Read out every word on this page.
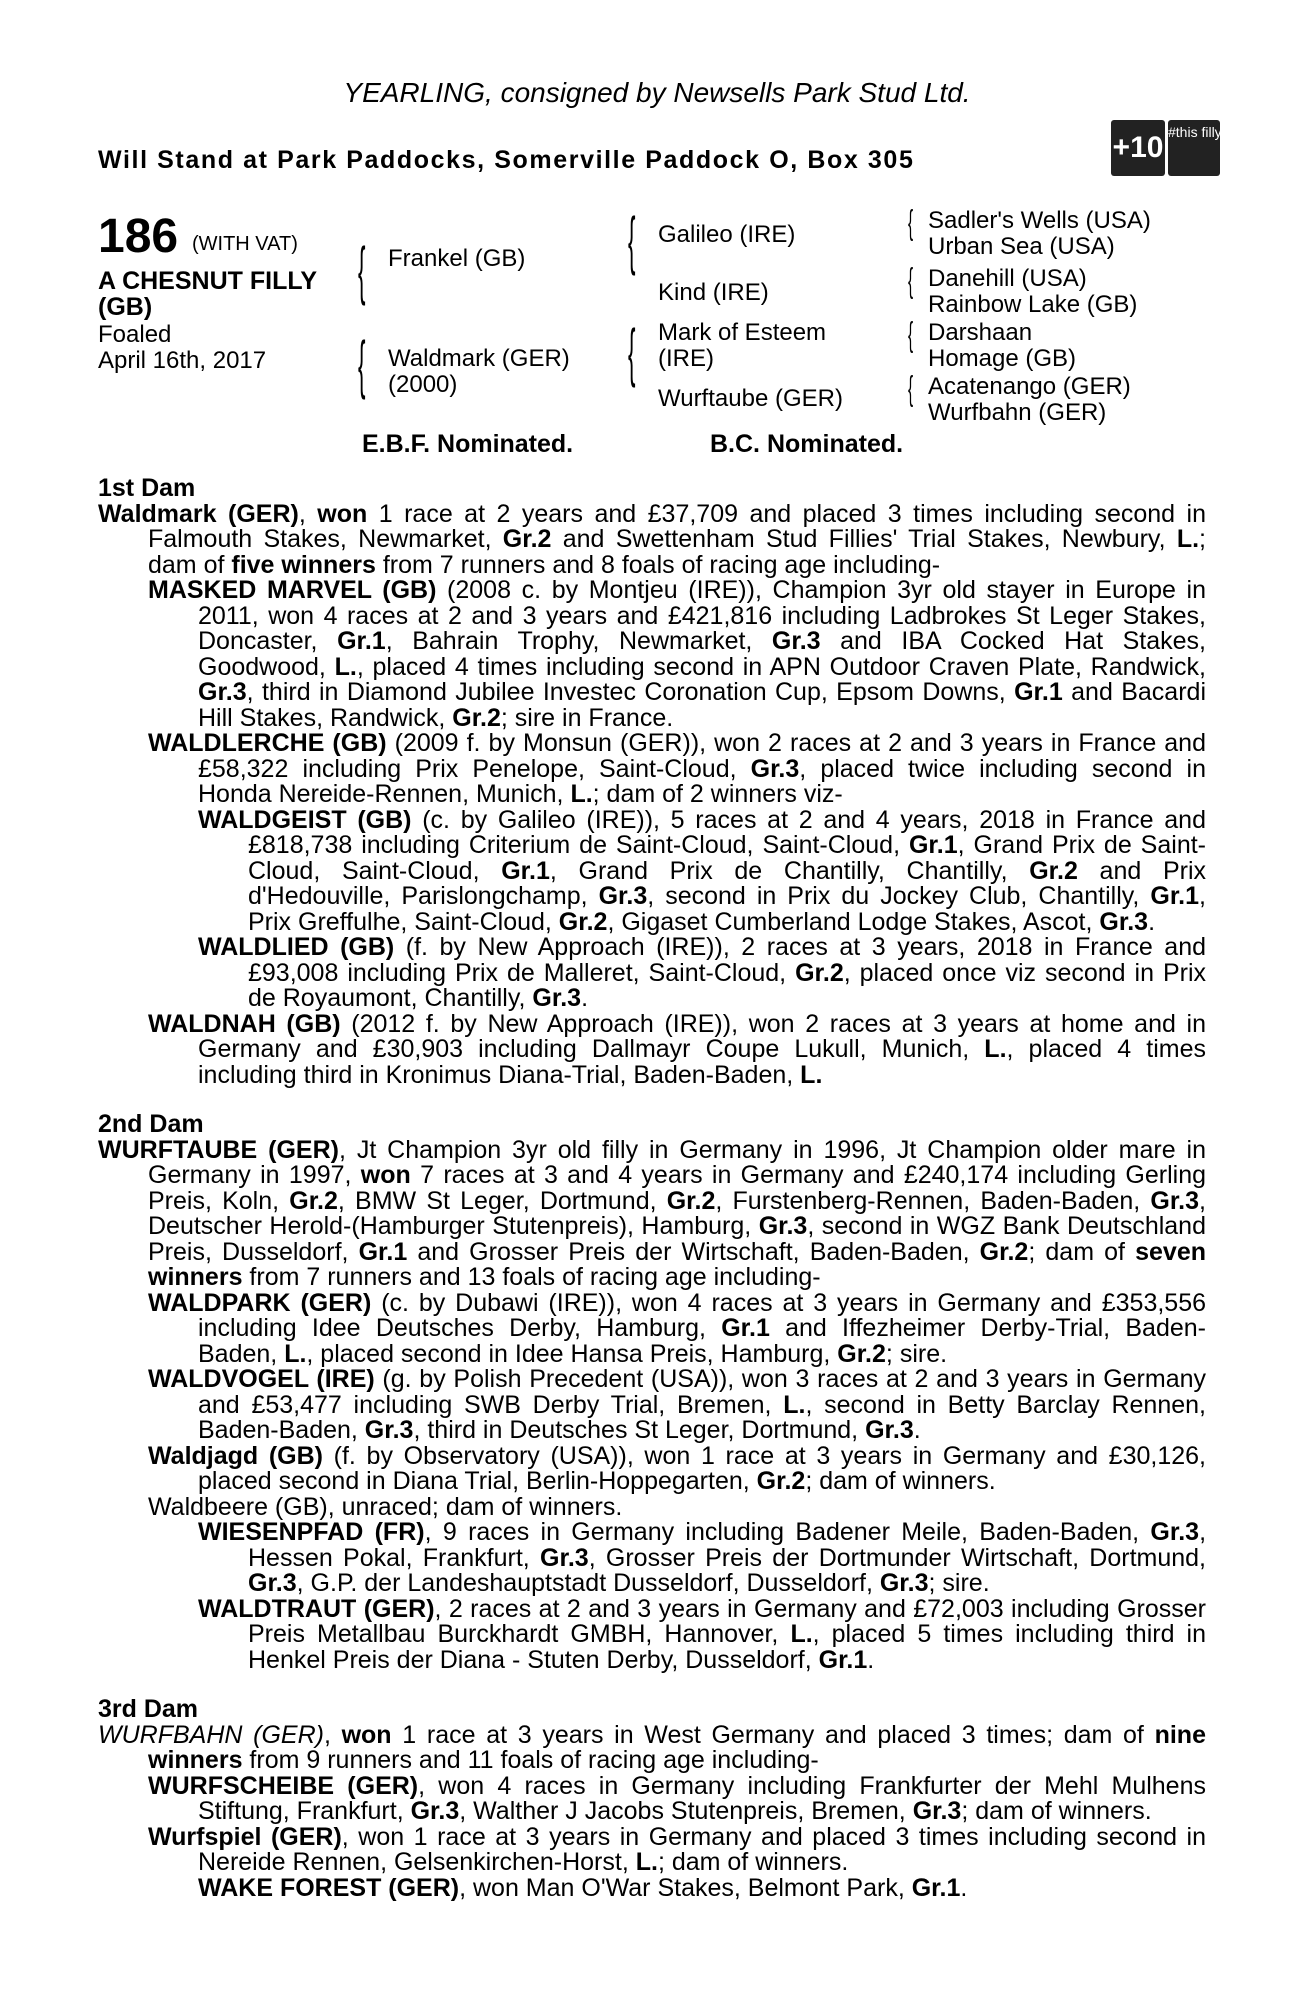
YEARLING, consigned by Newsells Park Stud Ltd.
Will Stand at Park Paddocks, Somerville Paddock O, Box 305	+10 #this filly can
186 (WITH VAT)
A CHESNUT FILLY (GB)
Foaled
April 16th, 2017
{ Frankel (GB)
{ Waldmark (GER) (2000)
{ Galileo (IRE)
Kind (IRE)
{ Mark of Esteem (IRE)
Wurftaube (GER)
{ Sadler's Wells (USA)
Urban Sea (USA)
{ Danehill (USA)
Rainbow Lake (GB)
{ Darshaan
Homage (GB)
{ Acatenango (GER)
Wurfbahn (GER)
E.B.F. Nominated.	B.C. Nominated.
1st Dam

Waldmark (GER), won 1 race at 2 years and £37,709 and placed 3 times including second in Falmouth Stakes, Newmarket, Gr.2 and Swettenham Stud Fillies' Trial Stakes, Newbury, L.; dam of five winners from 7 runners and 8 foals of racing age including-

MASKED MARVEL (GB) (2008 c. by Montjeu (IRE)), Champion 3yr old stayer in Europe in 2011, won 4 races at 2 and 3 years and £421,816 including Ladbrokes St Leger Stakes, Doncaster, Gr.1, Bahrain Trophy, Newmarket, Gr.3 and IBA Cocked Hat Stakes, Goodwood, L., placed 4 times including second in APN Outdoor Craven Plate, Randwick, Gr.3, third in Diamond Jubilee Investec Coronation Cup, Epsom Downs, Gr.1 and Bacardi Hill Stakes, Randwick, Gr.2; sire in France.

WALDLERCHE (GB) (2009 f. by Monsun (GER)), won 2 races at 2 and 3 years in France and £58,322 including Prix Penelope, Saint-Cloud, Gr.3, placed twice including second in Honda Nereide-Rennen, Munich, L.; dam of 2 winners viz-

WALDGEIST (GB) (c. by Galileo (IRE)), 5 races at 2 and 4 years, 2018 in France and £818,738 including Criterium de Saint-Cloud, Saint-Cloud, Gr.1, Grand Prix de Saint-Cloud, Saint-Cloud, Gr.1, Grand Prix de Chantilly, Chantilly, Gr.2 and Prix d'Hedouville, Parislongchamp, Gr.3, second in Prix du Jockey Club, Chantilly, Gr.1, Prix Greffulhe, Saint-Cloud, Gr.2, Gigaset Cumberland Lodge Stakes, Ascot, Gr.3.

WALDLIED (GB) (f. by New Approach (IRE)), 2 races at 3 years, 2018 in France and £93,008 including Prix de Malleret, Saint-Cloud, Gr.2, placed once viz second in Prix de Royaumont, Chantilly, Gr.3.

WALDNAH (GB) (2012 f. by New Approach (IRE)), won 2 races at 3 years at home and in Germany and £30,903 including Dallmayr Coupe Lukull, Munich, L., placed 4 times including third in Kronimus Diana-Trial, Baden-Baden, L.

2nd Dam

WURFTAUBE (GER), Jt Champion 3yr old filly in Germany in 1996, Jt Champion older mare in Germany in 1997, won 7 races at 3 and 4 years in Germany and £240,174 including Gerling Preis, Koln, Gr.2, BMW St Leger, Dortmund, Gr.2, Furstenberg-Rennen, Baden-Baden, Gr.3, Deutscher Herold-(Hamburger Stutenpreis), Hamburg, Gr.3, second in WGZ Bank Deutschland Preis, Dusseldorf, Gr.1 and Grosser Preis der Wirtschaft, Baden-Baden, Gr.2; dam of seven winners from 7 runners and 13 foals of racing age including-

WALDPARK (GER) (c. by Dubawi (IRE)), won 4 races at 3 years in Germany and £353,556 including Idee Deutsches Derby, Hamburg, Gr.1 and Iffezheimer Derby-Trial, Baden-Baden, L., placed second in Idee Hansa Preis, Hamburg, Gr.2; sire.

WALDVOGEL (IRE) (g. by Polish Precedent (USA)), won 3 races at 2 and 3 years in Germany and £53,477 including SWB Derby Trial, Bremen, L., second in Betty Barclay Rennen, Baden-Baden, Gr.3, third in Deutsches St Leger, Dortmund, Gr.3.

Waldjagd (GB) (f. by Observatory (USA)), won 1 race at 3 years in Germany and £30,126, placed second in Diana Trial, Berlin-Hoppegarten, Gr.2; dam of winners.

Waldbeere (GB), unraced; dam of winners.

WIESENPFAD (FR), 9 races in Germany including Badener Meile, Baden-Baden, Gr.3, Hessen Pokal, Frankfurt, Gr.3, Grosser Preis der Dortmunder Wirtschaft, Dortmund, Gr.3, G.P. der Landeshauptstadt Dusseldorf, Dusseldorf, Gr.3; sire.

WALDTRAUT (GER), 2 races at 2 and 3 years in Germany and £72,003 including Grosser Preis Metallbau Burckhardt GMBH, Hannover, L., placed 5 times including third in Henkel Preis der Diana - Stuten Derby, Dusseldorf, Gr.1.

3rd Dam

WURFBAHN (GER), won 1 race at 3 years in West Germany and placed 3 times; dam of nine winners from 9 runners and 11 foals of racing age including-

WURFSCHEIBE (GER), won 4 races in Germany including Frankfurter der Mehl Mulhens Stiftung, Frankfurt, Gr.3, Walther J Jacobs Stutenpreis, Bremen, Gr.3; dam of winners.

Wurfspiel (GER), won 1 race at 3 years in Germany and placed 3 times including second in Nereide Rennen, Gelsenkirchen-Horst, L.; dam of winners.

WAKE FOREST (GER), won Man O'War Stakes, Belmont Park, Gr.1.
